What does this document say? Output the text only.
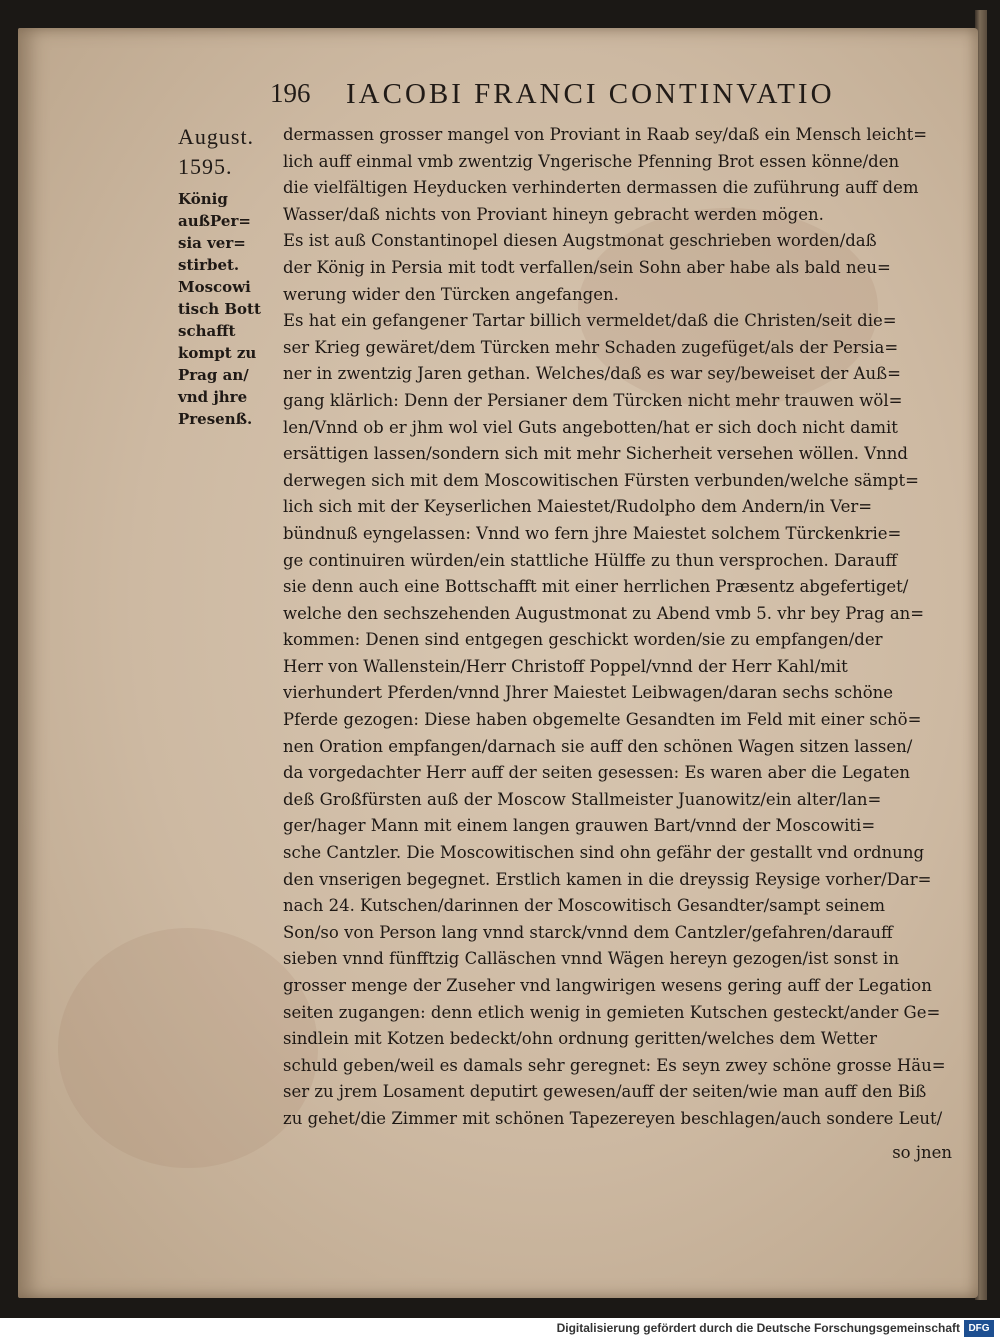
196 IACOBI FRANCI CONTINVATIO
August.
1595.
König
außPer=
sia ver=
stirbet.
Moscowi
tisch Bott
schafft
kompt zu
Prag an/
vnd jhre
Presenß.
dermassen grosser mangel von Proviant in Raab sey/daß ein Mensch leicht=
lich auff einmal vmb zwentzig Vngerische Pfenning Brot essen könne/den
die vielfältigen Heyducken verhinderten dermassen die zuführung auff dem
Wasser/daß nichts von Proviant hineyn gebracht werden mögen.
Es ist auß Constantinopel diesen Augstmonat geschrieben worden/daß
der König in Persia mit todt verfallen/sein Sohn aber habe als bald neu=
werung wider den Türcken angefangen.
Es hat ein gefangener Tartar billich vermeldet/daß die Christen/seit die=
ser Krieg gewäret/dem Türcken mehr Schaden zugefüget/als der Persia=
ner in zwentzig Jaren gethan. Welches/daß es war sey/beweiset der Auß=
gang klärlich: Denn der Persianer dem Türcken nicht mehr trauwen wöl=
len/Vnnd ob er jhm wol viel Guts angebotten/hat er sich doch nicht damit
ersättigen lassen/sondern sich mit mehr Sicherheit versehen wöllen. Vnnd
derwegen sich mit dem Moscowitischen Fürsten verbunden/welche sämpt=
lich sich mit der Keyserlichen Maiestet/Rudolpho dem Andern/in Ver=
bündnuß eyngelassen: Vnnd wo fern jhre Maiestet solchem Türckenkrie=
ge continuiren würden/ein stattliche Hülffe zu thun versprochen. Darauff
sie denn auch eine Bottschafft mit einer herrlichen Præsentz abgefertiget/
welche den sechszehenden Augustmonat zu Abend vmb 5. vhr bey Prag an=
kommen: Denen sind entgegen geschickt worden/sie zu empfangen/der
Herr von Wallenstein/Herr Christoff Poppel/vnnd der Herr Kahl/mit
vierhundert Pferden/vnnd Jhrer Maiestet Leibwagen/daran sechs schöne
Pferde gezogen: Diese haben obgemelte Gesandten im Feld mit einer schö=
nen Oration empfangen/darnach sie auff den schönen Wagen sitzen lassen/
da vorgedachter Herr auff der seiten gesessen: Es waren aber die Legaten
deß Großfürsten auß der Moscow Stallmeister Juanowitz/ein alter/lan=
ger/hager Mann mit einem langen grauwen Bart/vnnd der Moscowiti=
sche Cantzler. Die Moscowitischen sind ohn gefähr der gestallt vnd ordnung
den vnserigen begegnet. Erstlich kamen in die dreyssig Reysige vorher/Dar=
nach 24. Kutschen/darinnen der Moscowitisch Gesandter/sampt seinem
Son/so von Person lang vnnd starck/vnnd dem Cantzler/gefahren/darauff
sieben vnnd fünfftzig Calläschen vnnd Wägen hereyn gezogen/ist sonst in
grosser menge der Zuseher vnd langwirigen wesens gering auff der Legation
seiten zugangen: denn etlich wenig in gemieten Kutschen gesteckt/ander Ge=
sindlein mit Kotzen bedeckt/ohn ordnung geritten/welches dem Wetter
schuld geben/weil es damals sehr geregnet: Es seyn zwey schöne grosse Häu=
ser zu jrem Losament deputirt gewesen/auff der seiten/wie man auff den Biß
zu gehet/die Zimmer mit schönen Tapezereyen beschlagen/auch sondere Leut/
so jnen
Digitalisierung gefördert durch die Deutsche Forschungsgemeinschaft DFG
